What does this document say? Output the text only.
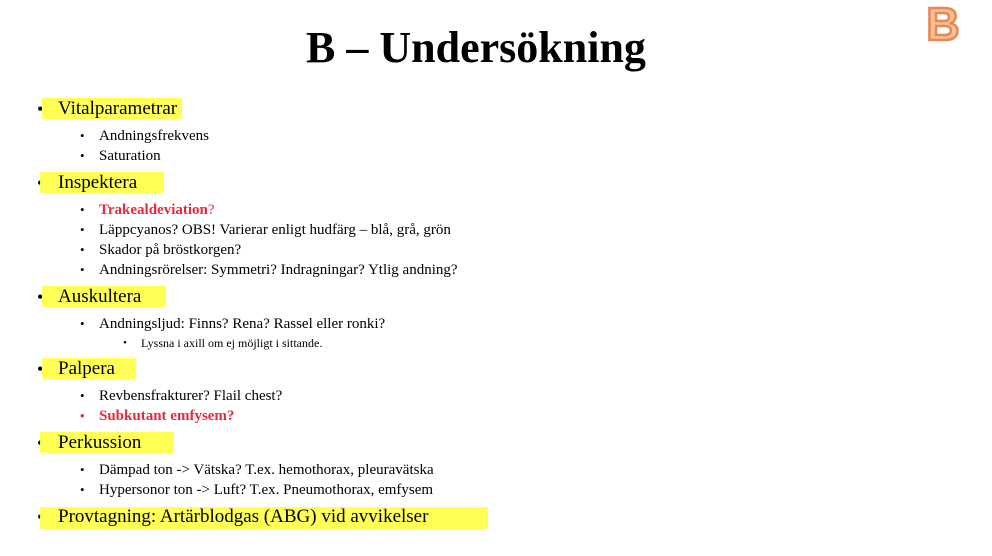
B – Undersökning	B
• Vitalparametrar
• Andningsfrekvens
• Saturation
• Inspektera
• Trakealdeviation?
• Läppcyanos? OBS! Varierar enligt hudfärg – blå, grå, grön
• Skador på bröstkorgen?
• Andningsrörelser: Symmetri? Indragningar? Ytlig andning?
• Auskultera
• Andningsljud: Finns? Rena? Rassel eller ronki?
• Lyssna i axill om ej möjligt i sittande.
• Palpera
• Revbensfrakturer? Flail chest?
• Subkutant emfysem?
• Perkussion
• Dämpad ton -> Vätska? T.ex. hemothorax, pleuravätska
• Hypersonor ton -> Luft? T.ex. Pneumothorax, emfysem
• Provtagning: Artärblodgas (ABG) vid avvikelser
